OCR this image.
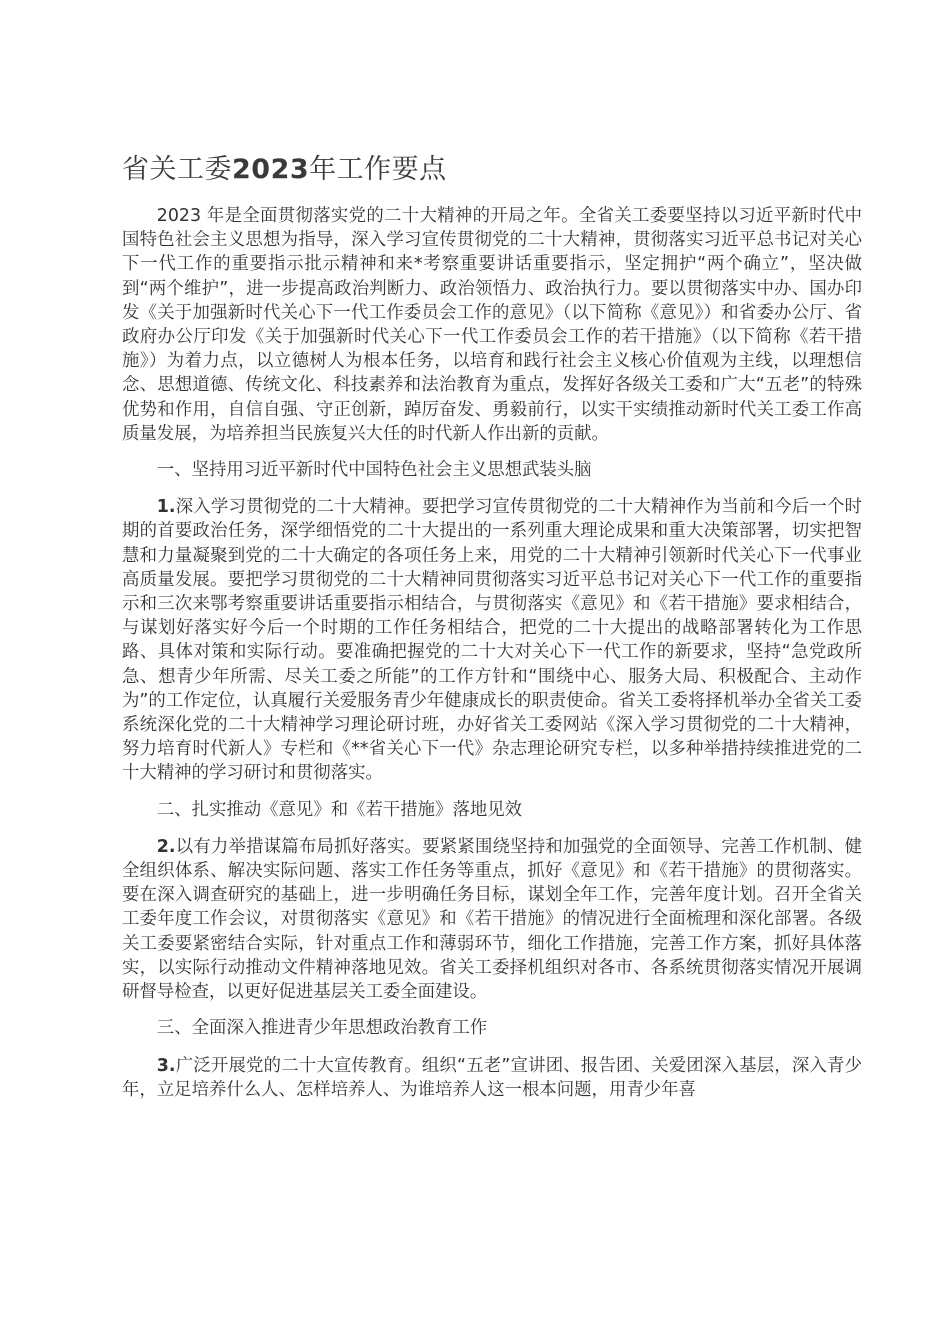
省关工委2023年工作要点

2023 年是全面贯彻落实党的二十大精神的开局之年。全省关工委要坚持以习近平新时代中国特色社会主义思想为指导，深入学习宣传贯彻党的二十大精神，贯彻落实习近平总书记对关心下一代工作的重要指示批示精神和来*考察重要讲话重要指示，坚定拥护“两个确立”，坚决做到“两个维护”，进一步提高政治判断力、政治领悟力、政治执行力。要以贯彻落实中办、国办印发《关于加强新时代关心下一代工作委员会工作的意见》（以下简称《意见》）和省委办公厅、省政府办公厅印发《关于加强新时代关心下一代工作委员会工作的若干措施》（以下简称《若干措施》）为着力点，以立德树人为根本任务，以培育和践行社会主义核心价值观为主线，以理想信念、思想道德、传统文化、科技素养和法治教育为重点，发挥好各级关工委和广大“五老”的特殊优势和作用，自信自强、守正创新，踔厉奋发、勇毅前行，以实干实绩推动新时代关工委工作高质量发展，为培养担当民族复兴大任的时代新人作出新的贡献。

一、坚持用习近平新时代中国特色社会主义思想武装头脑

1.深入学习贯彻党的二十大精神。要把学习宣传贯彻党的二十大精神作为当前和今后一个时期的首要政治任务，深学细悟党的二十大提出的一系列重大理论成果和重大决策部署，切实把智慧和力量凝聚到党的二十大确定的各项任务上来，用党的二十大精神引领新时代关心下一代事业高质量发展。要把学习贯彻党的二十大精神同贯彻落实习近平总书记对关心下一代工作的重要指示和三次来鄂考察重要讲话重要指示相结合，与贯彻落实《意见》和《若干措施》要求相结合，与谋划好落实好今后一个时期的工作任务相结合，把党的二十大提出的战略部署转化为工作思路、具体对策和实际行动。要准确把握党的二十大对关心下一代工作的新要求，坚持“急党政所急、想青少年所需、尽关工委之所能”的工作方针和“围绕中心、服务大局、积极配合、主动作为”的工作定位，认真履行关爱服务青少年健康成长的职责使命。省关工委将择机举办全省关工委系统深化党的二十大精神学习理论研讨班，办好省关工委网站《深入学习贯彻党的二十大精神，努力培育时代新人》专栏和《**省关心下一代》杂志理论研究专栏，以多种举措持续推进党的二十大精神的学习研讨和贯彻落实。

二、扎实推动《意见》和《若干措施》落地见效

2.以有力举措谋篇布局抓好落实。要紧紧围绕坚持和加强党的全面领导、完善工作机制、健全组织体系、解决实际问题、落实工作任务等重点，抓好《意见》和《若干措施》的贯彻落实。要在深入调查研究的基础上，进一步明确任务目标，谋划全年工作，完善年度计划。召开全省关工委年度工作会议，对贯彻落实《意见》和《若干措施》的情况进行全面梳理和深化部署。各级关工委要紧密结合实际，针对重点工作和薄弱环节，细化工作措施，完善工作方案，抓好具体落实，以实际行动推动文件精神落地见效。省关工委择机组织对各市、各系统贯彻落实情况开展调研督导检查，以更好促进基层关工委全面建设。

三、全面深入推进青少年思想政治教育工作

3.广泛开展党的二十大宣传教育。组织“五老”宣讲团、报告团、关爱团深入基层，深入青少年，立足培养什么人、怎样培养人、为谁培养人这一根本问题，用青少年喜
